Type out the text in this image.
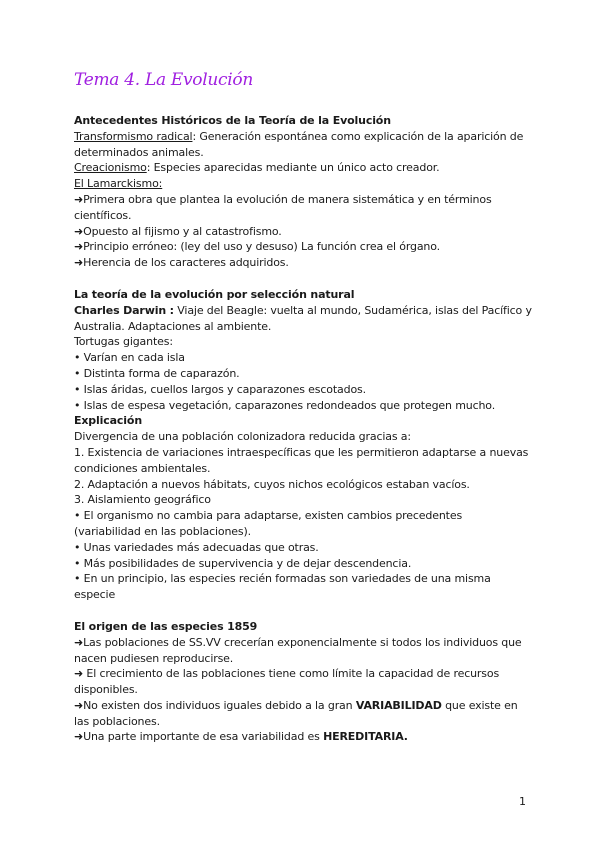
Tema 4. La Evolución

Antecedentes Históricos de la Teoría de la Evolución

Transformismo radical: Generación espontánea como explicación de la aparición de determinados animales.

Creacionismo: Especies aparecidas mediante un único acto creador.

El Lamarckismo:

➜Primera obra que plantea la evolución de manera sistemática y en términos científicos.

➜Opuesto al fijismo y al catastrofismo.

➜Principio erróneo: (ley del uso y desuso) La función crea el órgano.

➜Herencia de los caracteres adquiridos.

La teoría de la evolución por selección natural

Charles Darwin : Viaje del Beagle: vuelta al mundo, Sudamérica, islas del Pacífico y Australia. Adaptaciones al ambiente.

Tortugas gigantes:

• Varían en cada isla

• Distinta forma de caparazón.

• Islas áridas, cuellos largos y caparazones escotados.

• Islas de espesa vegetación, caparazones redondeados que protegen mucho.

Explicación

Divergencia de una población colonizadora reducida gracias a:

1. Existencia de variaciones intraespecíficas que les permitieron adaptarse a nuevas condiciones ambientales.

2. Adaptación a nuevos hábitats, cuyos nichos ecológicos estaban vacíos.

3. Aislamiento geográfico

• El organismo no cambia para adaptarse, existen cambios precedentes (variabilidad en las poblaciones).

• Unas variedades más adecuadas que otras.

• Más posibilidades de supervivencia y de dejar descendencia.

• En un principio, las especies recién formadas son variedades de una misma especie

El origen de las especies 1859

➜Las poblaciones de SS.VV crecerían exponencialmente si todos los individuos que nacen pudiesen reproducirse.

➜ El crecimiento de las poblaciones tiene como límite la capacidad de recursos disponibles.

➜No existen dos individuos iguales debido a la gran VARIABILIDAD que existe en las poblaciones.

➜Una parte importante de esa variabilidad es HEREDITARIA.

1
